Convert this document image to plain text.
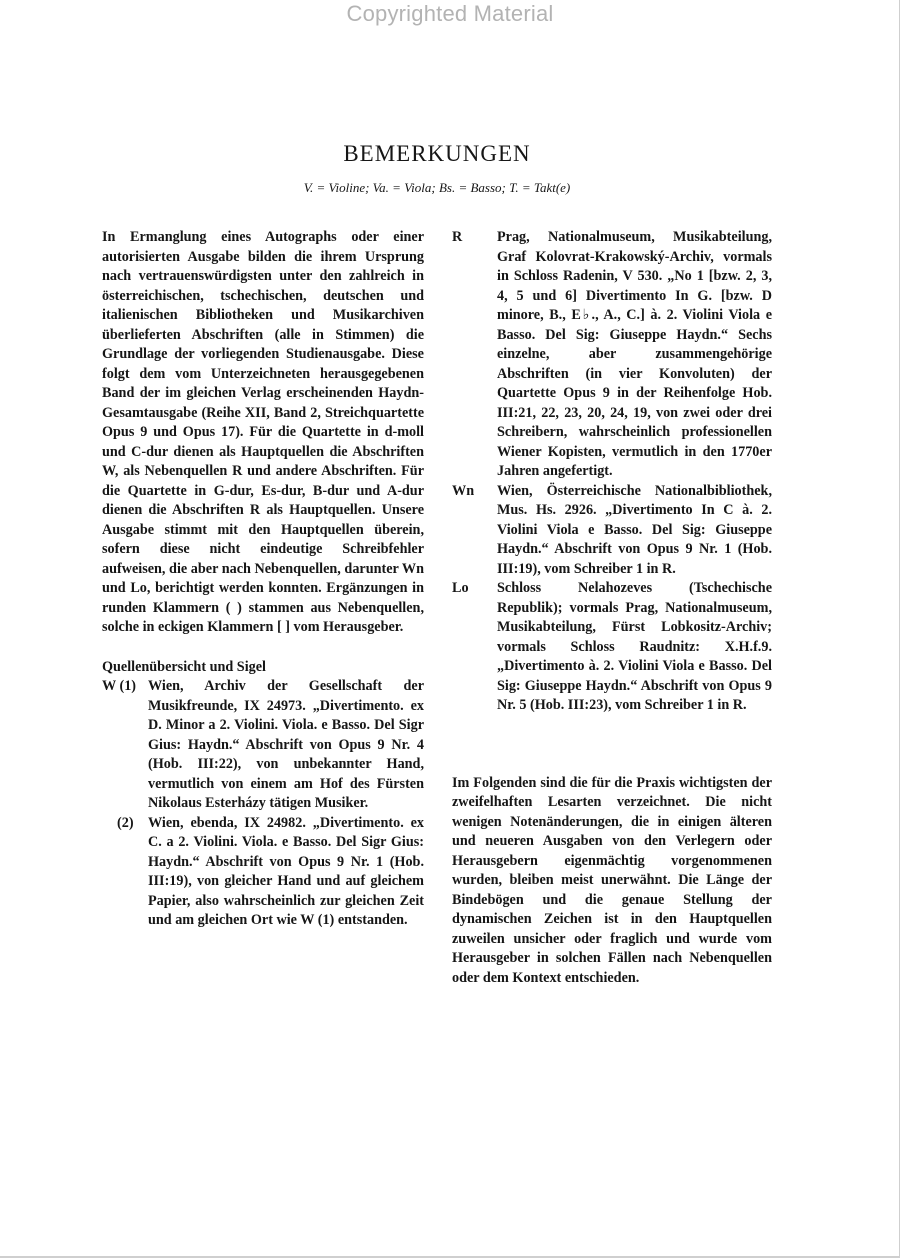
Copyrighted Material
BEMERKUNGEN
V. = Violine; Va. = Viola; Bs. = Basso; T. = Takt(e)

In Ermanglung eines Autographs oder einer autorisierten Ausgabe bilden die ihrem Ursprung nach vertrauenswürdigsten unter den zahlreich in österreichischen, tschechischen, deutschen und italienischen Bibliotheken und Musikarchiven überlieferten Abschriften (alle in Stimmen) die Grundlage der vorliegenden Studienausgabe. Diese folgt dem vom Unterzeichneten herausgegebenen Band der im gleichen Verlag erscheinenden Haydn-Gesamtausgabe (Reihe XII, Band 2, Streichquartette Opus 9 und Opus 17). Für die Quartette in d-moll und C-dur dienen als Hauptquellen die Abschriften W, als Nebenquellen R und andere Abschriften. Für die Quartette in G-dur, Es-dur, B-dur und A-dur dienen die Abschriften R als Hauptquellen. Unsere Ausgabe stimmt mit den Hauptquellen überein, sofern diese nicht eindeutige Schreibfehler aufweisen, die aber nach Nebenquellen, darunter Wn und Lo, berichtigt werden konnten. Ergänzungen in runden Klammern ( ) stammen aus Nebenquellen, solche in eckigen Klammern [ ] vom Herausgeber.

Quellenübersicht und Sigel

W (1) Wien, Archiv der Gesellschaft der Musikfreunde, IX 24973. „Divertimento. ex D. Minor a 2. Violini. Viola. e Basso. Del Sigr Gius: Haydn.“ Abschrift von Opus 9 Nr. 4 (Hob. III:22), von unbekannter Hand, vermutlich von einem am Hof des Fürsten Nikolaus Esterházy tätigen Musiker.
(2)	Wien, ebenda, IX 24982. „Divertimento. ex C. a 2. Violini. Viola. e Basso. Del Sigr Gius: Haydn.“ Abschrift von Opus 9 Nr. 1 (Hob. III:19), von gleicher Hand und auf gleichem Papier, also wahrscheinlich zur gleichen Zeit und am gleichen Ort wie W (1) entstanden.
R	Prag, Nationalmuseum, Musikabteilung, Graf Kolovrat-Krakowský-Archiv, vormals in Schloss Radenin, V 530. „No 1 [bzw. 2, 3, 4, 5 und 6] Divertimento In G. [bzw. D minore, B., E♭., A., C.] à. 2. Violini Viola e Basso. Del Sig: Giuseppe Haydn.“ Sechs einzelne, aber zusammengehörige Abschriften (in vier Konvoluten) der Quartette Opus 9 in der Reihenfolge Hob. III:21, 22, 23, 20, 24, 19, von zwei oder drei Schreibern, wahrscheinlich professionellen Wiener Kopisten, vermutlich in den 1770er Jahren angefertigt.
Wn	Wien, Österreichische Nationalbibliothek, Mus. Hs. 2926. „Divertimento In C à. 2. Violini Viola e Basso. Del Sig: Giuseppe Haydn.“ Abschrift von Opus 9 Nr. 1 (Hob. III:19), vom Schreiber 1 in R.
Lo	Schloss Nelahozeves (Tschechische Republik); vormals Prag, Nationalmuseum, Musikabteilung, Fürst Lobkositz-Archiv; vormals Schloss Raudnitz: X.H.f.9. „Divertimento à. 2. Violini Viola e Basso. Del Sig: Giuseppe Haydn.“ Abschrift von Opus 9 Nr. 5 (Hob. III:23), vom Schreiber 1 in R.

Im Folgenden sind die für die Praxis wichtigsten der zweifelhaften Lesarten verzeichnet. Die nicht wenigen Notenänderungen, die in einigen älteren und neueren Ausgaben von den Verlegern oder Herausgebern eigenmächtig vorgenommenen wurden, bleiben meist unerwähnt. Die Länge der Bindebögen und die genaue Stellung der dynamischen Zeichen ist in den Hauptquellen zuweilen unsicher oder fraglich und wurde vom Herausgeber in solchen Fällen nach Nebenquellen oder dem Kontext entschieden.
